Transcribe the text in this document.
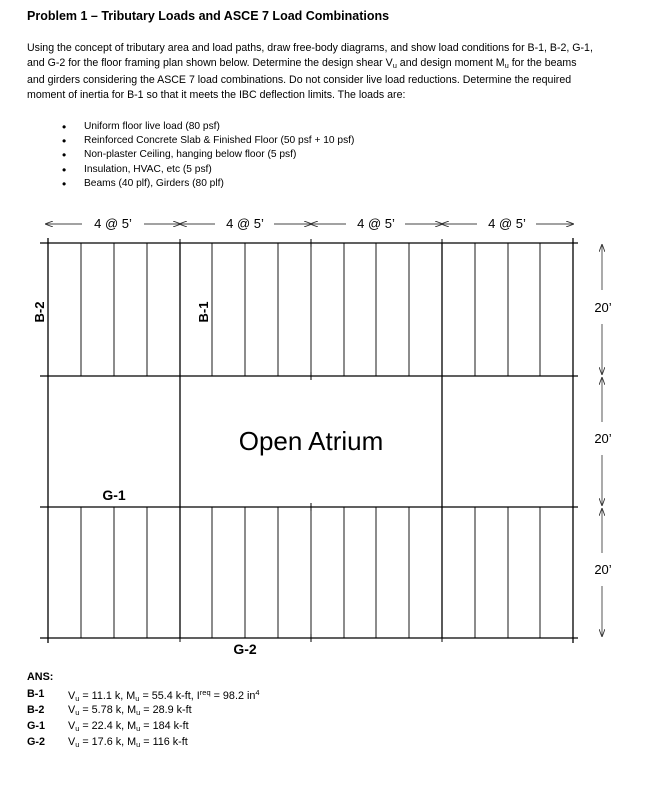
Problem 1 – Tributary Loads and ASCE 7 Load Combinations
Using the concept of tributary area and load paths, draw free-body diagrams, and show load conditions for B-1, B-2, G-1,
and G-2 for the floor framing plan shown below. Determine the design shear $V_u$ and design moment $M_u$ for the beams
and girders considering the ASCE 7 load combinations. Do not consider live load reductions. Determine the required
moment of inertia for B-1 so that it meets the IBC deflection limits. The loads are:
• Uniform floor live load (80 psf)
• Reinforced Concrete Slab & Finished Floor (50 psf + 10 psf)
• Non-plaster Ceiling, hanging below floor (5 psf)
• Insulation, HVAC, etc (5 psf)
• Beams (40 plf), Girders (80 plf)
4 @ 5’	4 @ 5’	4 @ 5’	4 @ 5’
20’
20’
20’
B-2	B-1
G-1
G-2
Open Atrium
ANS:
B-1 $V_u = 11.1$ k, $M_u = 55.4$ k-ft, $I^{req} = 98.2$ $in^4$
B-2 $V_u = 5.78$ k, $M_u = 28.9$ k-ft
G-1 $V_u = 22.4$ k, $M_u = 184$ k-ft
G-2 $V_u = 17.6$ k, $M_u = 116$ k-ft
